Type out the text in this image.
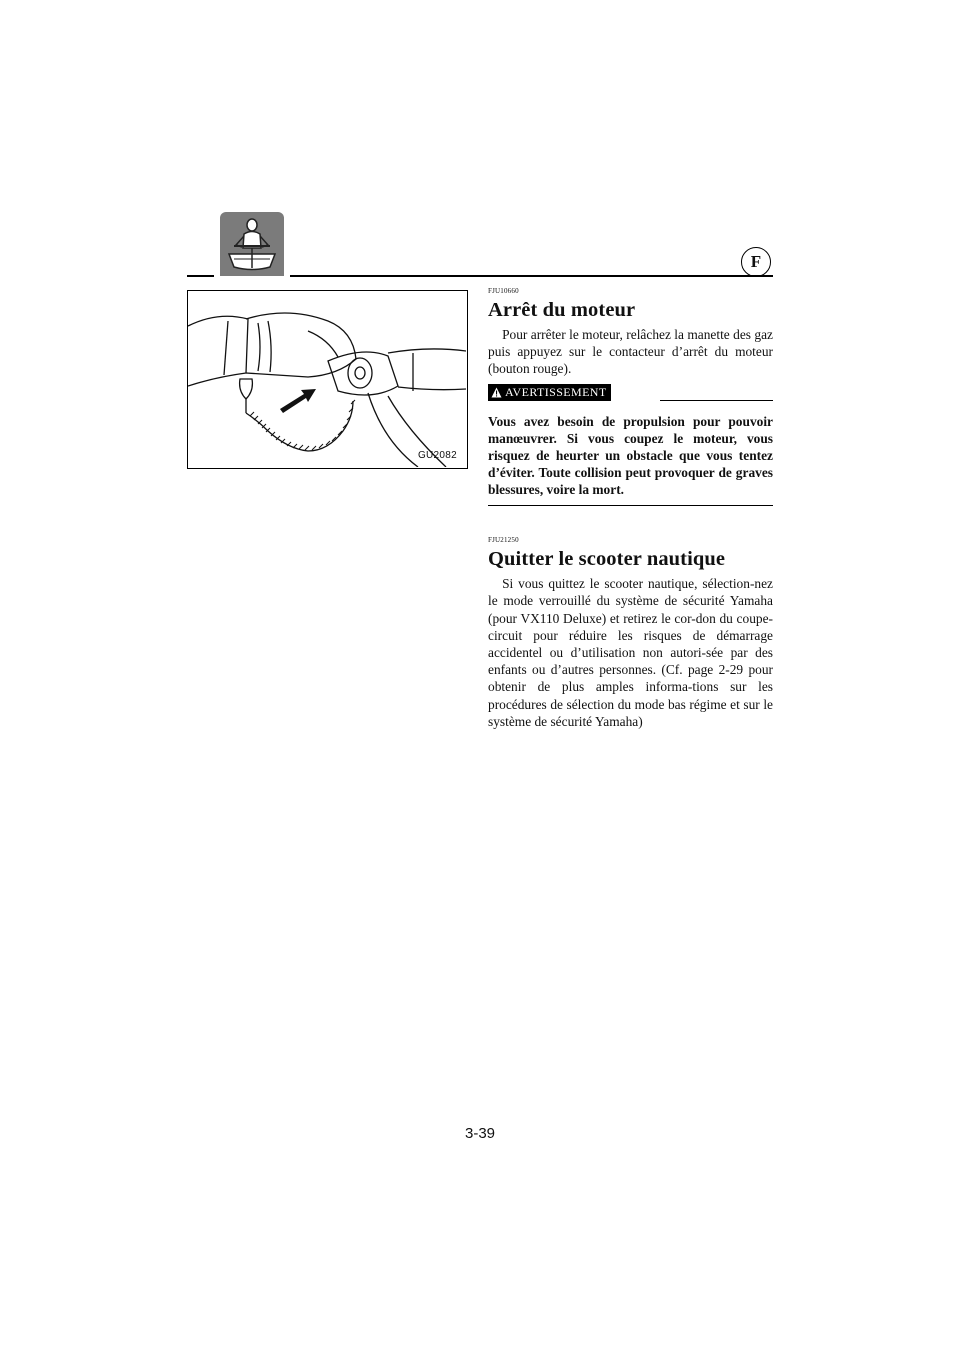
F
GU2082

FJU10660

Arrêt du moteur

Pour arrêter le moteur, relâchez la manette des gaz puis appuyez sur le contacteur d’arrêt du moteur (bouton rouge).

AVERTISSEMENT

Vous avez besoin de propulsion pour pouvoir manœuvrer. Si vous coupez le moteur, vous risquez de heurter un obstacle que vous tentez d’éviter. Toute collision peut provoquer de graves blessures, voire la mort.

FJU21250

Quitter le scooter nautique

Si vous quittez le scooter nautique, sélection-nez le mode verrouillé du système de sécurité Yamaha (pour VX110 Deluxe) et retirez le cor-don du coupe-circuit pour réduire les risques de démarrage accidentel ou d’utilisation non autori-sée par des enfants ou d’autres personnes. (Cf. page 2-29 pour obtenir de plus amples informa-tions sur les procédures de sélection du mode bas régime et sur le système de sécurité Yamaha)

3-39
